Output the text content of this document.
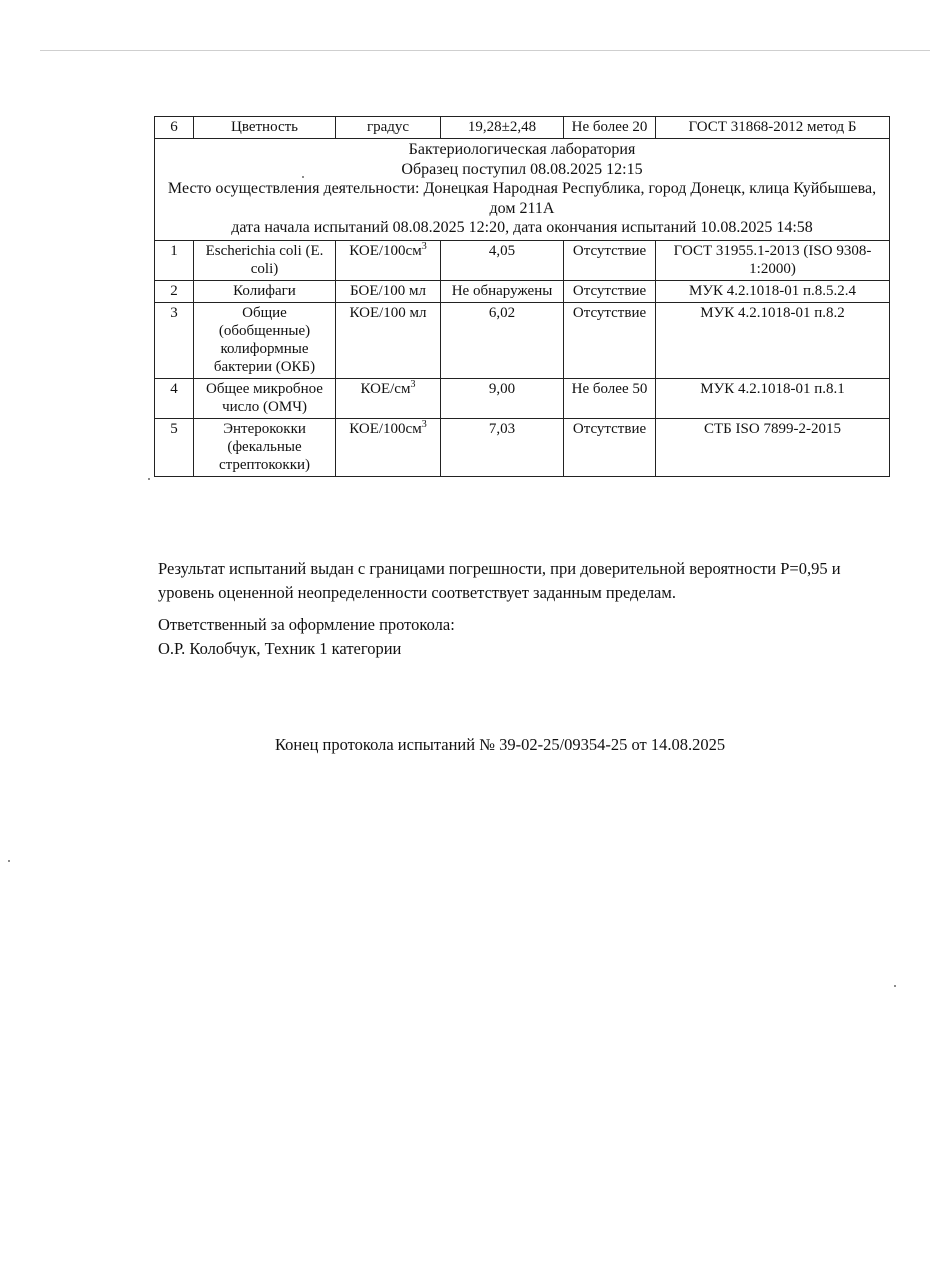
6	Цветность	градус	19,28±2,48	Не более 20	ГОСТ 31868-2012 метод Б

Бактериологическая лаборатория
Образец поступил 08.08.2025 12:15
Место осуществления деятельности: Донецкая Народная Республика, город Донецк, клица Куйбышева, дом 211А
дата начала испытаний 08.08.2025 12:20, дата окончания испытаний 10.08.2025 14:58					

1	Escherichia coli (E. coli)	КОЕ/$100см^3$	4,05	Отсутствие	ГОСТ 31955.1-2013 (ISO 9308-1:2000)
2	Колифаги	БОЕ/100 мл	Не обнаружены	Отсутствие	МУК 4.2.1018-01 п.8.5.2.4
3	Общие (обобщенные) колиформные бактерии (ОКБ)	КОЕ/100 мл	6,02	Отсутствие	МУК 4.2.1018-01 п.8.2
4	Общее микробное число (ОМЧ)	КОЕ/$см^3$	9,00	Не более 50	МУК 4.2.1018-01 п.8.1
5	Энтерококки (фекальные стрептококки)	КОЕ/$100см^3$	7,03	Отсутствие	СТБ ISO 7899-2-2015
Результат испытаний выдан с границами погрешности, при доверительной вероятности Р=0,95 и уровень оцененной неопределенности соответствует заданным пределам.
Ответственный за оформление протокола:
О.Р. Колобчук, Техник 1 категории
Конец протокола испытаний № 39-02-25/09354-25 от 14.08.2025
